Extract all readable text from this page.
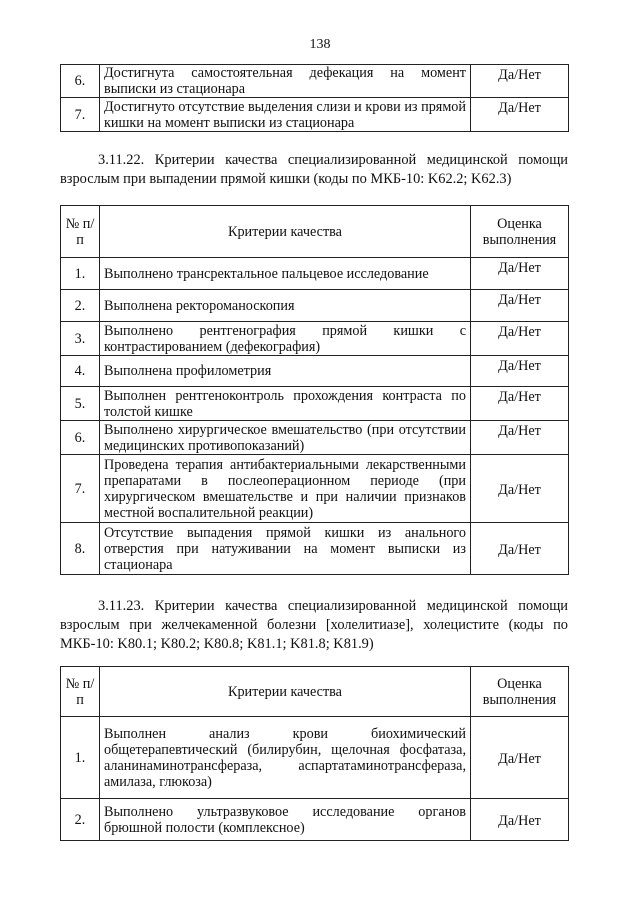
138
6.	Достигнута самостоятельная дефекация на момент выписки из стационара	Да/Нет
7.	Достигнуто отсутствие выделения слизи и крови из прямой кишки на момент выписки из стационара	Да/Нет

3.11.22. Критерии качества специализированной медицинской помощи взрослым при выпадении прямой кишки (коды по МКБ-10: K62.2; K62.3)

№ п/п	Критерии качества	Оценка выполнения
1.	Выполнено трансректальное пальцевое исследование	Да/Нет
2.	Выполнена ректороманоскопия	Да/Нет
3.	Выполнено рентгенография прямой кишки с контрастированием (дефекография)	Да/Нет
4.	Выполнена профилометрия	Да/Нет
5.	Выполнен рентгеноконтроль прохождения контраста по толстой кишке	Да/Нет
6.	Выполнено хирургическое вмешательство (при отсутствии медицинских противопоказаний)	Да/Нет
7.	Проведена терапия антибактериальными лекарственными препаратами в послеоперационном периоде (при хирургическом вмешательстве и при наличии признаков местной воспалительной реакции)	Да/Нет
8.	Отсутствие выпадения прямой кишки из анального отверстия при натуживании на момент выписки из стационара	Да/Нет

3.11.23. Критерии качества специализированной медицинской помощи взрослым при желчекаменной болезни [холелитиазе], холецистите (коды по МКБ-10: K80.1; K80.2; K80.8; K81.1; K81.8; K81.9)

№ п/п	Критерии качества	Оценка выполнения
1.	Выполнен анализ крови биохимический общетерапевтический (билирубин, щелочная фосфатаза, аланинаминотрансфераза, аспартатаминотрансфераза, амилаза, глюкоза)	Да/Нет
2.	Выполнено ультразвуковое исследование органов брюшной полости (комплексное)	Да/Нет
